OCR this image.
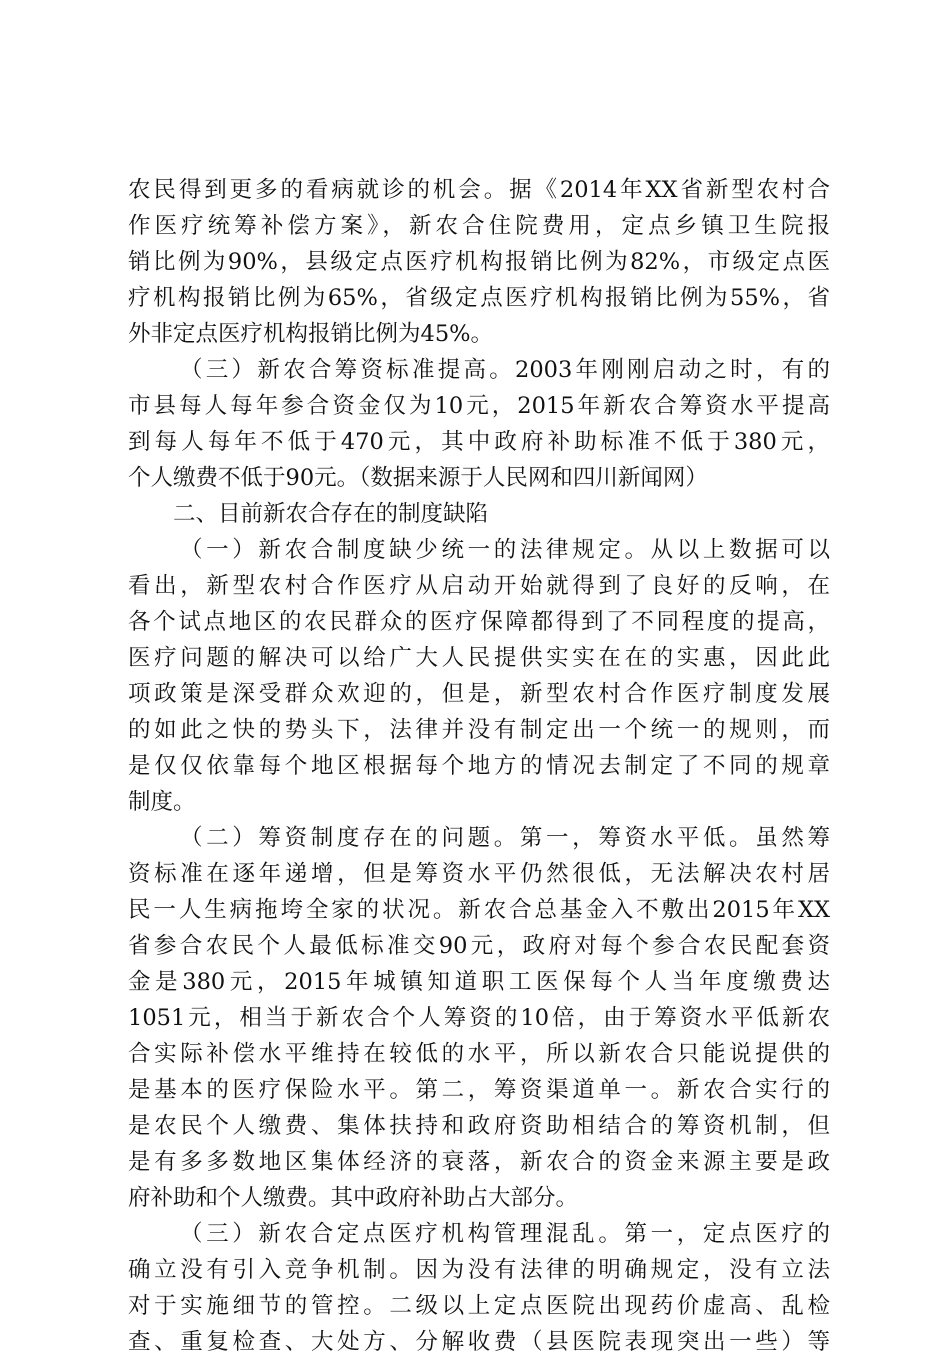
农民得到更多的看病就诊的机会。据《2014年XX省新型农村合
作医疗统筹补偿方案》，新农合住院费用，定点乡镇卫生院报
销比例为90%，县级定点医疗机构报销比例为82%，市级定点医
疗机构报销比例为65%，省级定点医疗机构报销比例为55%，省
外非定点医疗机构报销比例为45%。
（三）新农合筹资标准提高。2003年刚刚启动之时，有的
市县每人每年参合资金仅为10元，2015年新农合筹资水平提高
到每人每年不低于470元，其中政府补助标准不低于380元，
个人缴费不低于90元。（数据来源于人民网和四川新闻网）
二、目前新农合存在的制度缺陷
（一）新农合制度缺少统一的法律规定。从以上数据可以
看出，新型农村合作医疗从启动开始就得到了良好的反响，在
各个试点地区的农民群众的医疗保障都得到了不同程度的提高，
医疗问题的解决可以给广大人民提供实实在在的实惠，因此此
项政策是深受群众欢迎的，但是，新型农村合作医疗制度发展
的如此之快的势头下，法律并没有制定出一个统一的规则，而
是仅仅依靠每个地区根据每个地方的情况去制定了不同的规章
制度。
（二）筹资制度存在的问题。第一，筹资水平低。虽然筹
资标准在逐年递增，但是筹资水平仍然很低，无法解决农村居
民一人生病拖垮全家的状况。新农合总基金入不敷出2015年XX
省参合农民个人最低标准交90元，政府对每个参合农民配套资
金是380元，2015年城镇知道职工医保每个人当年度缴费达
1051元，相当于新农合个人筹资的10倍，由于筹资水平低新农
合实际补偿水平维持在较低的水平，所以新农合只能说提供的
是基本的医疗保险水平。第二，筹资渠道单一。新农合实行的
是农民个人缴费、集体扶持和政府资助相结合的筹资机制，但
是有多多数地区集体经济的衰落，新农合的资金来源主要是政
府补助和个人缴费。其中政府补助占大部分。
（三）新农合定点医疗机构管理混乱。第一，定点医疗的
确立没有引入竞争机制。因为没有法律的明确规定，没有立法
对于实施细节的管控。二级以上定点医院出现药价虚高、乱检
查、重复检查、大处方、分解收费（县医院表现突出一些）等
